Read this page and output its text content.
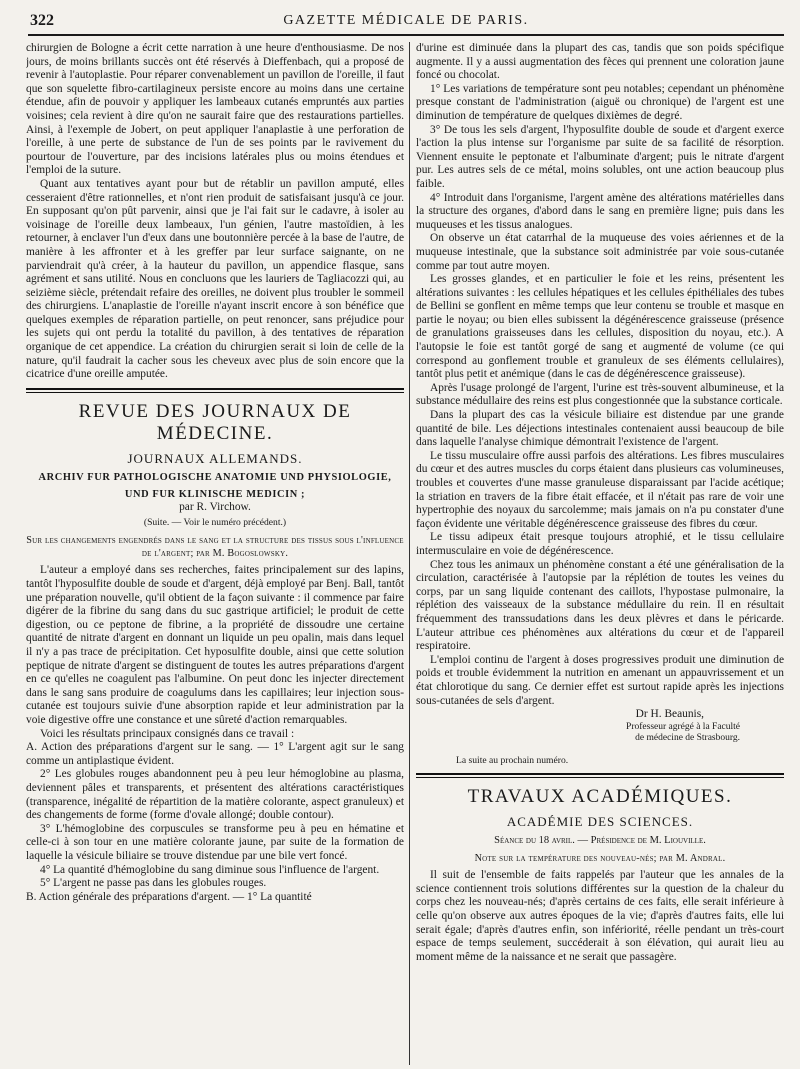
322	GAZETTE MÉDICALE DE PARIS.

chirurgien de Bologne a écrit cette narration à une heure d'enthousiasme. De nos jours, de moins brillants succès ont été réservés à Dieffenbach, qui a proposé de revenir à l'autoplastie. Pour réparer convenablement un pavillon de l'oreille, il faut que son squelette fibro-cartilagineux persiste encore au moins dans une certaine étendue, afin de pouvoir y appliquer les lambeaux cutanés empruntés aux parties voisines; cela revient à dire qu'on ne saurait faire que des restaurations partielles. Ainsi, à l'exemple de Jobert, on peut appliquer l'anaplastie à une perforation de l'oreille, à une perte de substance de l'un de ses points par le ravivement du pourtour de l'ouverture, par des incisions latérales plus ou moins étendues et l'emploi de la suture.

Quant aux tentatives ayant pour but de rétablir un pavillon amputé, elles cesseraient d'être rationnelles, et n'ont rien produit de satisfaisant jusqu'à ce jour. En supposant qu'on pût parvenir, ainsi que je l'ai fait sur le cadavre, à isoler au voisinage de l'oreille deux lambeaux, l'un génien, l'autre mastoïdien, à les retourner, à enclaver l'un d'eux dans une boutonnière percée à la base de l'autre, de manière à les affronter et à les greffer par leur surface saignante, on ne parviendrait qu'à créer, à la hauteur du pavillon, un appendice flasque, sans agrément et sans utilité. Nous en concluons que les lauriers de Tagliacozzi qui, au seizième siècle, prétendait refaire des oreilles, ne doivent plus troubler le sommeil des chirurgiens. L'anaplastie de l'oreille n'ayant inscrit encore à son bénéfice que quelques exemples de réparation partielle, on peut renoncer, sans préjudice pour les sujets qui ont perdu la totalité du pavillon, à des tentatives de réparation organique de cet appendice. La création du chirurgien serait si loin de celle de la nature, qu'il faudrait la cacher sous les cheveux avec plus de soin encore que la cicatrice d'une oreille amputée.

REVUE DES JOURNAUX DE MÉDECINE.
JOURNAUX ALLEMANDS.
ARCHIV FUR PATHOLOGISCHE ANATOMIE UND PHYSIOLOGIE,
UND FUR KLINISCHE MEDICIN ;
par R. Virchow.
(Suite. — Voir le numéro précédent.)
Sur les changements engendrés dans le sang et la structure des tissus sous l'influence de l'argent; par M. Bogoslowsky.

L'auteur a employé dans ses recherches, faites principalement sur des lapins, tantôt l'hyposulfite double de soude et d'argent, déjà employé par Benj. Ball, tantôt une préparation nouvelle, qu'il obtient de la façon suivante : il commence par faire digérer de la fibrine du sang dans du suc gastrique artificiel; le produit de cette digestion, ou ce peptone de fibrine, a la propriété de dissoudre une certaine quantité de nitrate d'argent en donnant un liquide un peu opalin, mais dans lequel il n'y a pas trace de précipitation. Cet hyposulfite double, ainsi que cette solution peptique de nitrate d'argent se distinguent de toutes les autres préparations d'argent en ce qu'elles ne coagulent pas l'albumine. On peut donc les injecter directement dans le sang sans produire de coagulums dans les capillaires; leur injection sous-cutanée est toujours suivie d'une absorption rapide et leur administration par la voie digestive offre une constance et une sûreté d'action remarquables.

Voici les résultats principaux consignés dans ce travail :

A. Action des préparations d'argent sur le sang. — 1° L'argent agit sur le sang comme un antiplastique évident.

2° Les globules rouges abandonnent peu à peu leur hémoglobine au plasma, deviennent pâles et transparents, et présentent des altérations caractéristiques (transparence, inégalité de répartition de la matière colorante, aspect granuleux) et des changements de forme (forme d'ovale allongé; double contour).

3° L'hémoglobine des corpuscules se transforme peu à peu en hématine et celle-ci à son tour en une matière colorante jaune, par suite de la formation de laquelle la vésicule biliaire se trouve distendue par une bile vert foncé.

4° La quantité d'hémoglobine du sang diminue sous l'influence de l'argent.

5° L'argent ne passe pas dans les globules rouges.

B. Action générale des préparations d'argent. — 1° La quantité

d'urine est diminuée dans la plupart des cas, tandis que son poids spécifique augmente. Il y a aussi augmentation des fèces qui prennent une coloration jaune foncé ou chocolat.

1° Les variations de température sont peu notables; cependant un phénomène presque constant de l'administration (aiguë ou chronique) de l'argent est une diminution de température de quelques dixièmes de degré.

3° De tous les sels d'argent, l'hyposulfite double de soude et d'argent exerce l'action la plus intense sur l'organisme par suite de sa facilité de résorption. Viennent ensuite le peptonate et l'albuminate d'argent; puis le nitrate d'argent pur. Les autres sels de ce métal, moins solubles, ont une action beaucoup plus faible.

4° Introduit dans l'organisme, l'argent amène des altérations matérielles dans la structure des organes, d'abord dans le sang en première ligne; puis dans les muqueuses et les tissus analogues.

On observe un état catarrhal de la muqueuse des voies aériennes et de la muqueuse intestinale, que la substance soit administrée par voie sous-cutanée comme par tout autre moyen.

Les grosses glandes, et en particulier le foie et les reins, présentent les altérations suivantes : les cellules hépatiques et les cellules épithéliales des tubes de Bellini se gonflent en même temps que leur contenu se trouble et masque en partie le noyau; ou bien elles subissent la dégénérescence graisseuse (présence de granulations graisseuses dans les cellules, disposition du noyau, etc.). A l'autopsie le foie est tantôt gorgé de sang et augmenté de volume (ce qui correspond au gonflement trouble et granuleux de ses éléments cellulaires), tantôt plus petit et anémique (dans le cas de dégénérescence graisseuse).

Après l'usage prolongé de l'argent, l'urine est très-souvent albumineuse, et la substance médullaire des reins est plus congestionnée que la substance corticale.

Dans la plupart des cas la vésicule biliaire est distendue par une grande quantité de bile. Les déjections intestinales contenaient aussi beaucoup de bile dans laquelle l'analyse chimique démontrait l'existence de l'argent.

Le tissu musculaire offre aussi parfois des altérations. Les fibres musculaires du cœur et des autres muscles du corps étaient dans plusieurs cas volumineuses, troubles et couvertes d'une masse granuleuse disparaissant par l'acide acétique; la striation en travers de la fibre était effacée, et il n'était pas rare de voir une hypertrophie des noyaux du sarcolemme; mais jamais on n'a pu constater d'une façon évidente une véritable dégénérescence graisseuse des fibres du cœur.

Le tissu adipeux était presque toujours atrophié, et le tissu cellulaire intermusculaire en voie de dégénérescence.

Chez tous les animaux un phénomène constant a été une généralisation de la circulation, caractérisée à l'autopsie par la réplétion de toutes les veines du corps, par un sang liquide contenant des caillots, l'hypostase pulmonaire, la réplétion des vaisseaux de la substance médullaire du rein. Il en résultait fréquemment des transsudations dans les deux plèvres et dans le péricarde. L'auteur attribue ces phénomènes aux altérations du cœur et de l'appareil respiratoire.

L'emploi continu de l'argent à doses progressives produit une diminution de poids et trouble évidemment la nutrition en amenant un appauvrissement et un état chlorotique du sang. Ce dernier effet est surtout rapide après les injections sous-cutanées de sels d'argent.

Dr H. Beaunis,
Professeur agrégé à la Faculté
de médecine de Strasbourg.

La suite au prochain numéro.

TRAVAUX ACADÉMIQUES.
ACADÉMIE DES SCIENCES.
Séance du 18 avril. — Présidence de M. Liouville.
Note sur la température des nouveau-nés; par M. Andral.

Il suit de l'ensemble de faits rappelés par l'auteur que les annales de la science contiennent trois solutions différentes sur la question de la chaleur du corps chez les nouveau-nés; d'après certains de ces faits, elle serait inférieure à celle qu'on observe aux autres époques de la vie; d'après d'autres faits, elle lui serait égale; d'après d'autres enfin, son infériorité, réelle pendant un très-court espace de temps seulement, succéderait à son élévation, qui aurait lieu au moment même de la naissance et ne serait que passagère.
